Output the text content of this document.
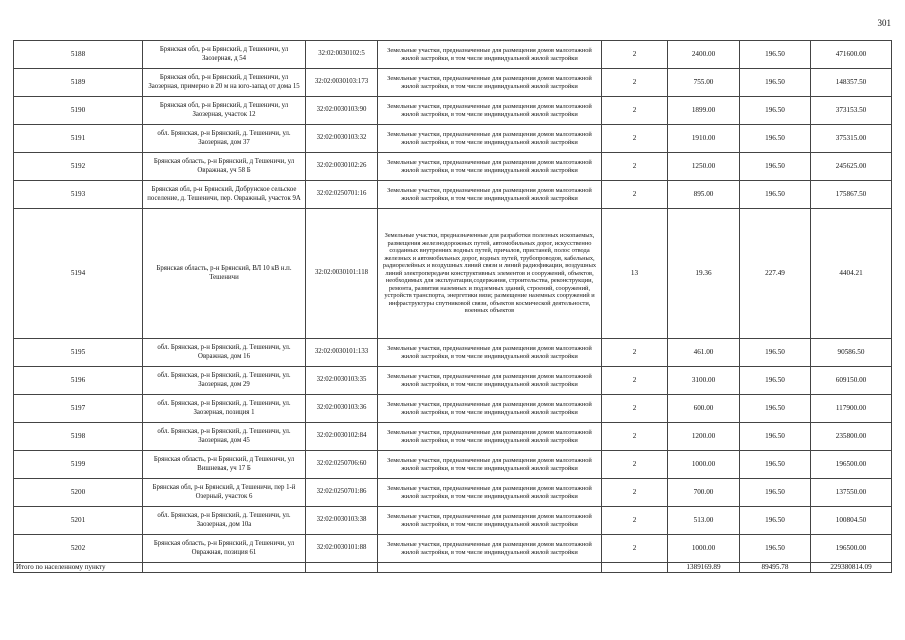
301
5188	Брянская обл, р-н Брянский, д Тешеничи, ул Заозерная, д 54	32:02:0030102:5	Земельные участки, предназначенные для размещения домов малоэтажной жилой застройки, в том числе индивидуальной жилой застройки	2	2400.00	196.50	471600.00
5189	Брянская обл, р-н Брянский, д Тешеничи, ул Заозерная, примерно в 20 м на юго-запад от дома 15	32:02:0030103:173	Земельные участки, предназначенные для размещения домов малоэтажной жилой застройки, в том числе индивидуальной жилой застройки	2	755.00	196.50	148357.50
5190	Брянская обл, р-н Брянский, д Тешеничи, ул Заозерная, участок 12	32:02:0030103:90	Земельные участки, предназначенные для размещения домов малоэтажной жилой застройки, в том числе индивидуальной жилой застройки	2	1899.00	196.50	373153.50
5191	обл. Брянская, р-н Брянский, д. Тешеничи, ул. Заозерная, дом 37	32:02:0030103:32	Земельные участки, предназначенные для размещения домов малоэтажной жилой застройки, в том числе индивидуальной жилой застройки	2	1910.00	196.50	375315.00
5192	Брянская область, р-н Брянский, д Тешеничи, ул Овражная, уч 58 Б	32:02:0030102:26	Земельные участки, предназначенные для размещения домов малоэтажной жилой застройки, в том числе индивидуальной жилой застройки	2	1250.00	196.50	245625.00
5193	Брянская обл, р-н Брянский, Добрунское сельское поселение, д. Тешеничи, пер. Овражный, участок 9А	32:02:0250701:16	Земельные участки, предназначенные для размещения домов малоэтажной жилой застройки, в том числе индивидуальной жилой застройки	2	895.00	196.50	175867.50
5194	Брянская область, р-н Брянский, ВЛ 10 кВ н.п. Тешеничи	32:02:0030101:118	Земельные участки, предназначенные для разработки полезных ископаемых, размещения железнодорожных путей, автомобильных дорог, искусственно созданных внутренних водных путей, причалов, пристаней, полос отвода железных и автомобильных дорог, водных путей, трубопроводов, кабельных, радиорелейных и воздушных линий связи и линий радиофикации, воздушных линий электропередачи конструктивных элементов и сооружений, объектов, необходимых для эксплуатации,содержания, строительства, реконструкции, ремонта, развития наземных и подземных зданий, строений, сооружений, устройств транспорта, энергетики вязи; размещение наземных сооружений и инфраструктуры спутниковой связи, объектов космической деятельности, военных объектов	13	19.36	227.49	4404.21
5195	обл. Брянская, р-н Брянский, д. Тешеничи, ул. Овражная, дом 16	32:02:0030101:133	Земельные участки, предназначенные для размещения домов малоэтажной жилой застройки, в том числе индивидуальной жилой застройки	2	461.00	196.50	90586.50
5196	обл. Брянская, р-н Брянский, д. Тешеничи, ул. Заозерная, дом 29	32:02:0030103:35	Земельные участки, предназначенные для размещения домов малоэтажной жилой застройки, в том числе индивидуальной жилой застройки	2	3100.00	196.50	609150.00
5197	обл. Брянская, р-н Брянский, д. Тешеничи, ул. Заозерная, позиция 1	32:02:0030103:36	Земельные участки, предназначенные для размещения домов малоэтажной жилой застройки, в том числе индивидуальной жилой застройки	2	600.00	196.50	117900.00
5198	обл. Брянская, р-н Брянский, д. Тешеничи, ул. Заозерная, дом 45	32:02:0030102:84	Земельные участки, предназначенные для размещения домов малоэтажной жилой застройки, в том числе индивидуальной жилой застройки	2	1200.00	196.50	235800.00
5199	Брянская область, р-н Брянский, д Тешеничи, ул Вишневая, уч 17 Б	32:02:0250706:60	Земельные участки, предназначенные для размещения домов малоэтажной жилой застройки, в том числе индивидуальной жилой застройки	2	1000.00	196.50	196500.00
5200	Брянская обл, р-н Брянский, д Тешеничи, пер 1-й Озерный, участок 6	32:02:0250701:86	Земельные участки, предназначенные для размещения домов малоэтажной жилой застройки, в том числе индивидуальной жилой застройки	2	700.00	196.50	137550.00
5201	обл. Брянская, р-н Брянский, д. Тешеничи, ул. Заозерная, дом 10а	32:02:0030103:38	Земельные участки, предназначенные для размещения домов малоэтажной жилой застройки, в том числе индивидуальной жилой застройки	2	513.00	196.50	100804.50
5202	Брянская область, р-н Брянский, д Тешеничи, ул Овражная, позиция 61	32:02:0030101:88	Земельные участки, предназначенные для размещения домов малоэтажной жилой застройки, в том числе индивидуальной жилой застройки	2	1000.00	196.50	196500.00
Итого по населенному пункту					1389169.89	89495.78	229380814.09
